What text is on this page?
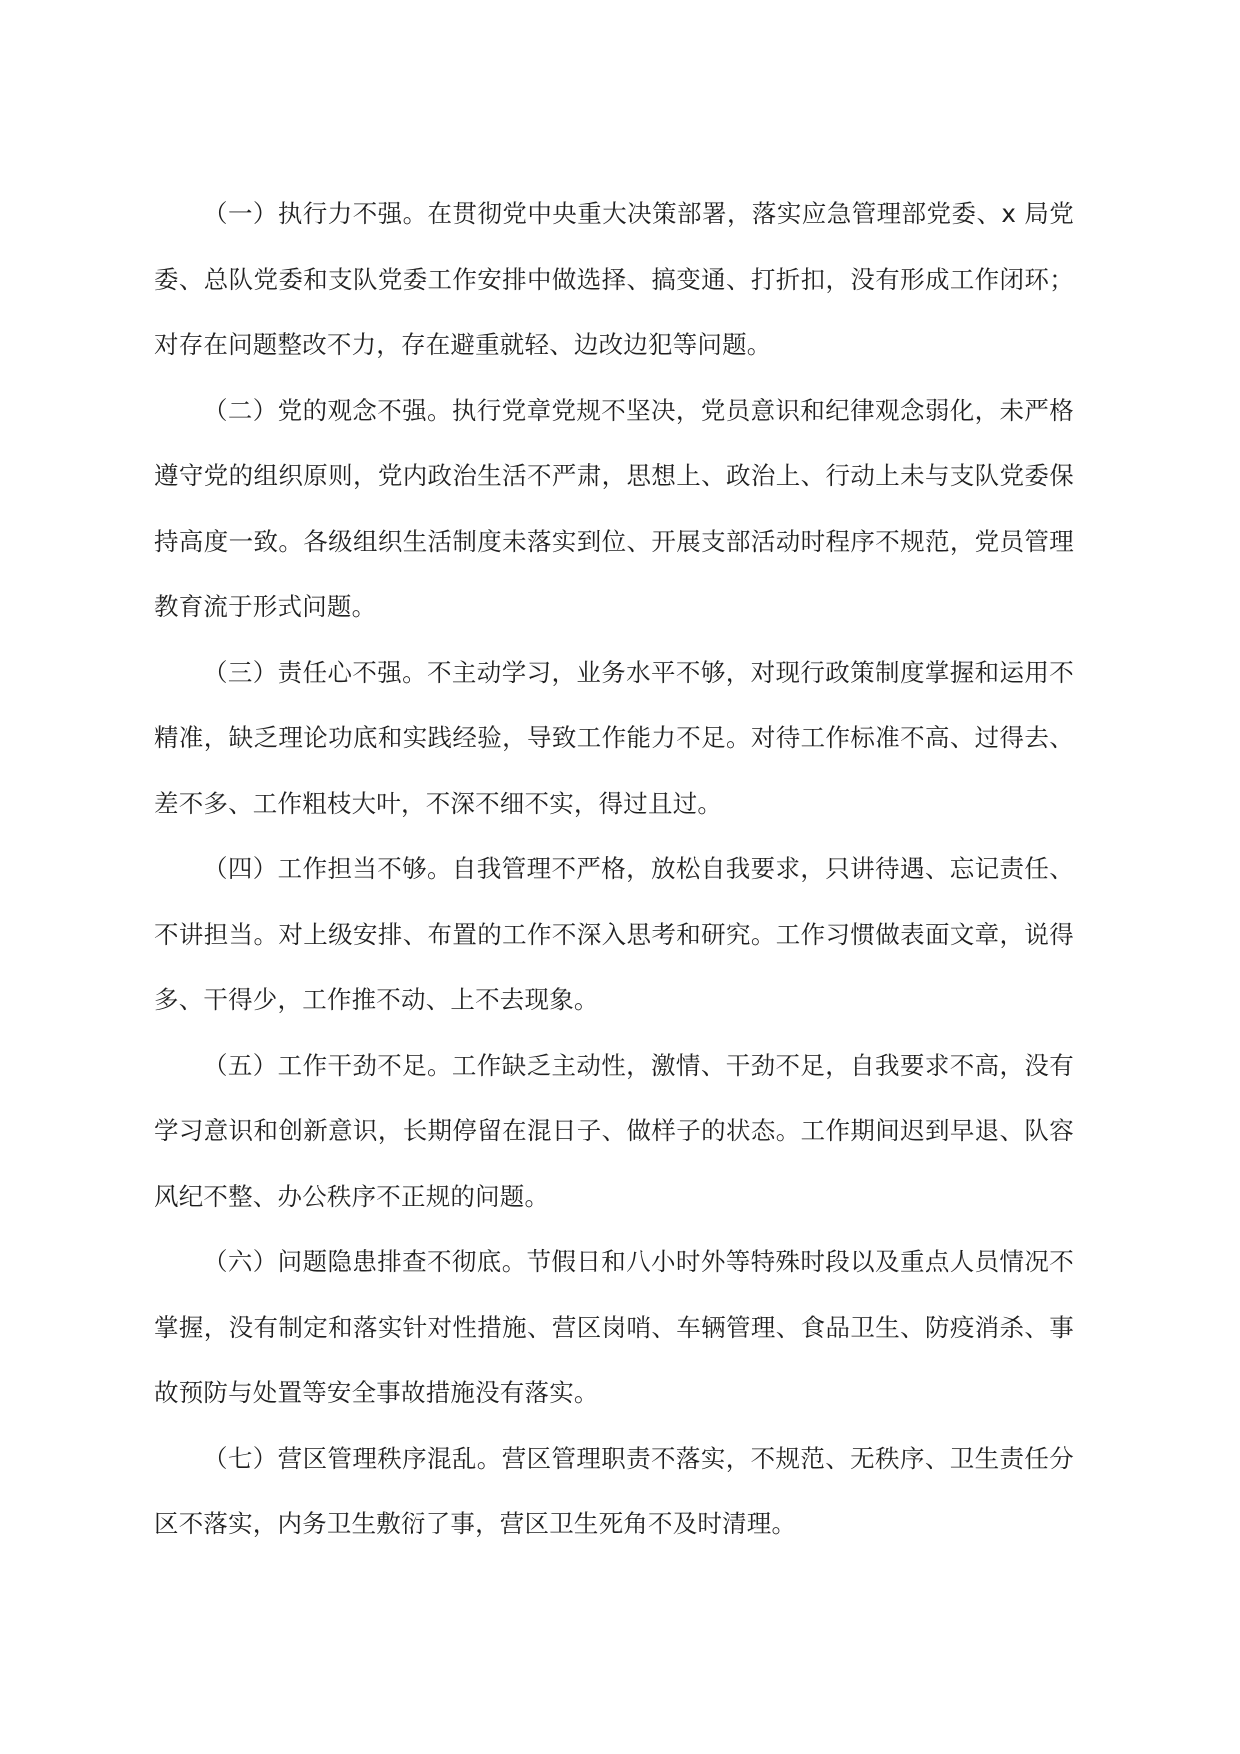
（一）执行力不强。在贯彻党中央重大决策部署，落实应急管理部党委、x 局党委、总队党委和支队党委工作安排中做选择、搞变通、打折扣，没有形成工作闭环；对存在问题整改不力，存在避重就轻、边改边犯等问题。

（二）党的观念不强。执行党章党规不坚决，党员意识和纪律观念弱化，未严格遵守党的组织原则，党内政治生活不严肃，思想上、政治上、行动上未与支队党委保持高度一致。各级组织生活制度未落实到位、开展支部活动时程序不规范，党员管理教育流于形式问题。

（三）责任心不强。不主动学习，业务水平不够，对现行政策制度掌握和运用不精准，缺乏理论功底和实践经验，导致工作能力不足。对待工作标准不高、过得去、差不多、工作粗枝大叶，不深不细不实，得过且过。

（四）工作担当不够。自我管理不严格，放松自我要求，只讲待遇、忘记责任、不讲担当。对上级安排、布置的工作不深入思考和研究。工作习惯做表面文章，说得多、干得少，工作推不动、上不去现象。

（五）工作干劲不足。工作缺乏主动性，激情、干劲不足，自我要求不高，没有学习意识和创新意识，长期停留在混日子、做样子的状态。工作期间迟到早退、队容风纪不整、办公秩序不正规的问题。

（六）问题隐患排查不彻底。节假日和八小时外等特殊时段以及重点人员情况不掌握，没有制定和落实针对性措施、营区岗哨、车辆管理、食品卫生、防疫消杀、事故预防与处置等安全事故措施没有落实。

（七）营区管理秩序混乱。营区管理职责不落实，不规范、无秩序、卫生责任分区不落实，内务卫生敷衍了事，营区卫生死角不及时清理。
